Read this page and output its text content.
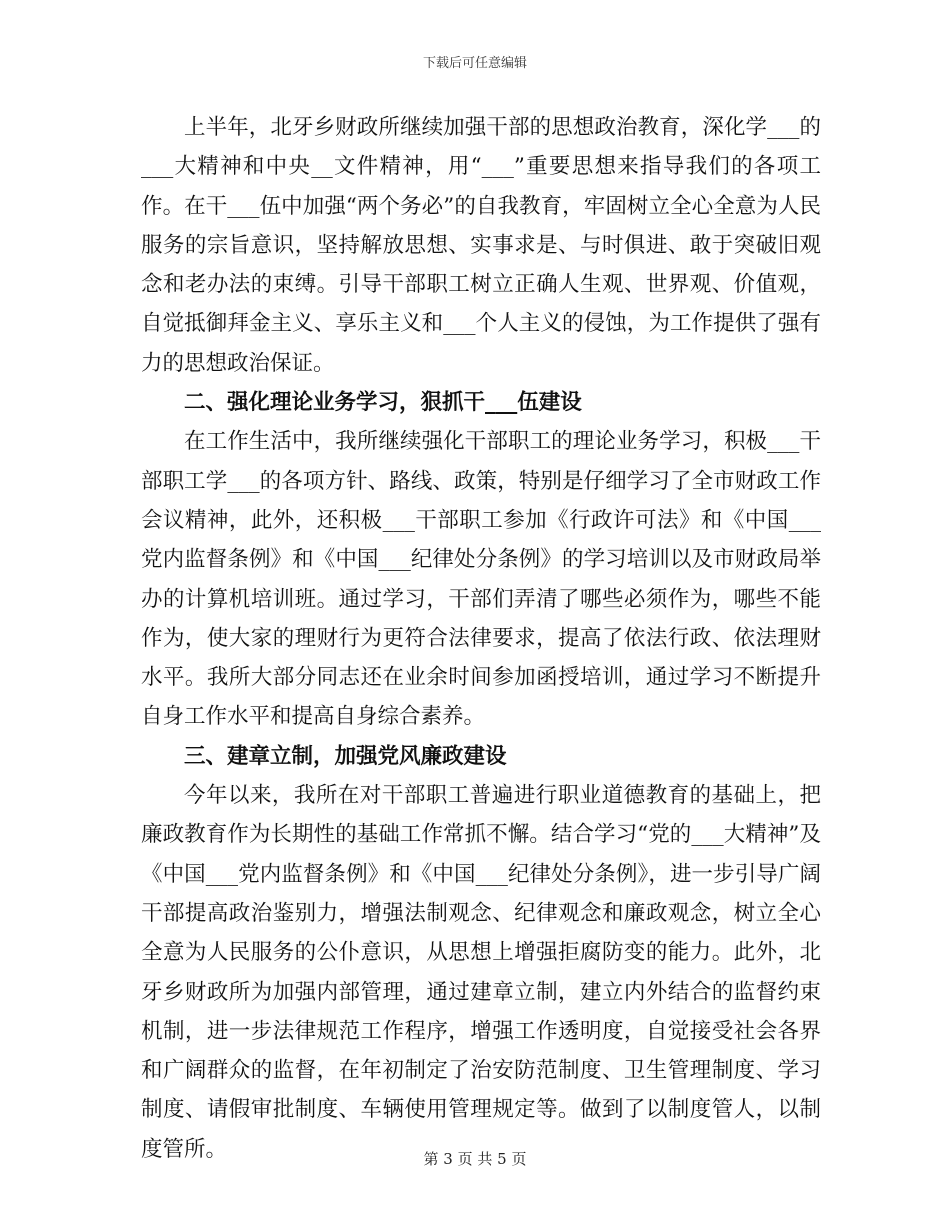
下载后可任意编辑

上半年，北牙乡财政所继续加强干部的思想政治教育，深化学___的___大精神和中央__文件精神，用“___”重要思想来指导我们的各项工作。在干___伍中加强“两个务必”的自我教育，牢固树立全心全意为人民服务的宗旨意识，坚持解放思想、实事求是、与时俱进、敢于突破旧观念和老办法的束缚。引导干部职工树立正确人生观、世界观、价值观，自觉抵御拜金主义、享乐主义和___个人主义的侵蚀，为工作提供了强有力的思想政治保证。

二、强化理论业务学习，狠抓干___伍建设

在工作生活中，我所继续强化干部职工的理论业务学习，积极___干部职工学___的各项方针、路线、政策，特别是仔细学习了全市财政工作会议精神，此外，还积极___干部职工参加《行政许可法》和《中国___党内监督条例》和《中国___纪律处分条例》的学习培训以及市财政局举办的计算机培训班。通过学习，干部们弄清了哪些必须作为，哪些不能作为，使大家的理财行为更符合法律要求，提高了依法行政、依法理财水平。我所大部分同志还在业余时间参加函授培训，通过学习不断提升自身工作水平和提高自身综合素养。

三、建章立制，加强党风廉政建设

今年以来，我所在对干部职工普遍进行职业道德教育的基础上，把廉政教育作为长期性的基础工作常抓不懈。结合学习“党的___大精神”及《中国___党内监督条例》和《中国___纪律处分条例》，进一步引导广阔干部提高政治鉴别力，增强法制观念、纪律观念和廉政观念，树立全心全意为人民服务的公仆意识，从思想上增强拒腐防变的能力。此外，北牙乡财政所为加强内部管理，通过建章立制，建立内外结合的监督约束机制，进一步法律规范工作程序，增强工作透明度，自觉接受社会各界和广阔群众的监督，在年初制定了治安防范制度、卫生管理制度、学习制度、请假审批制度、车辆使用管理规定等。做到了以制度管人，以制度管所。	第 3 页 共 5 页
